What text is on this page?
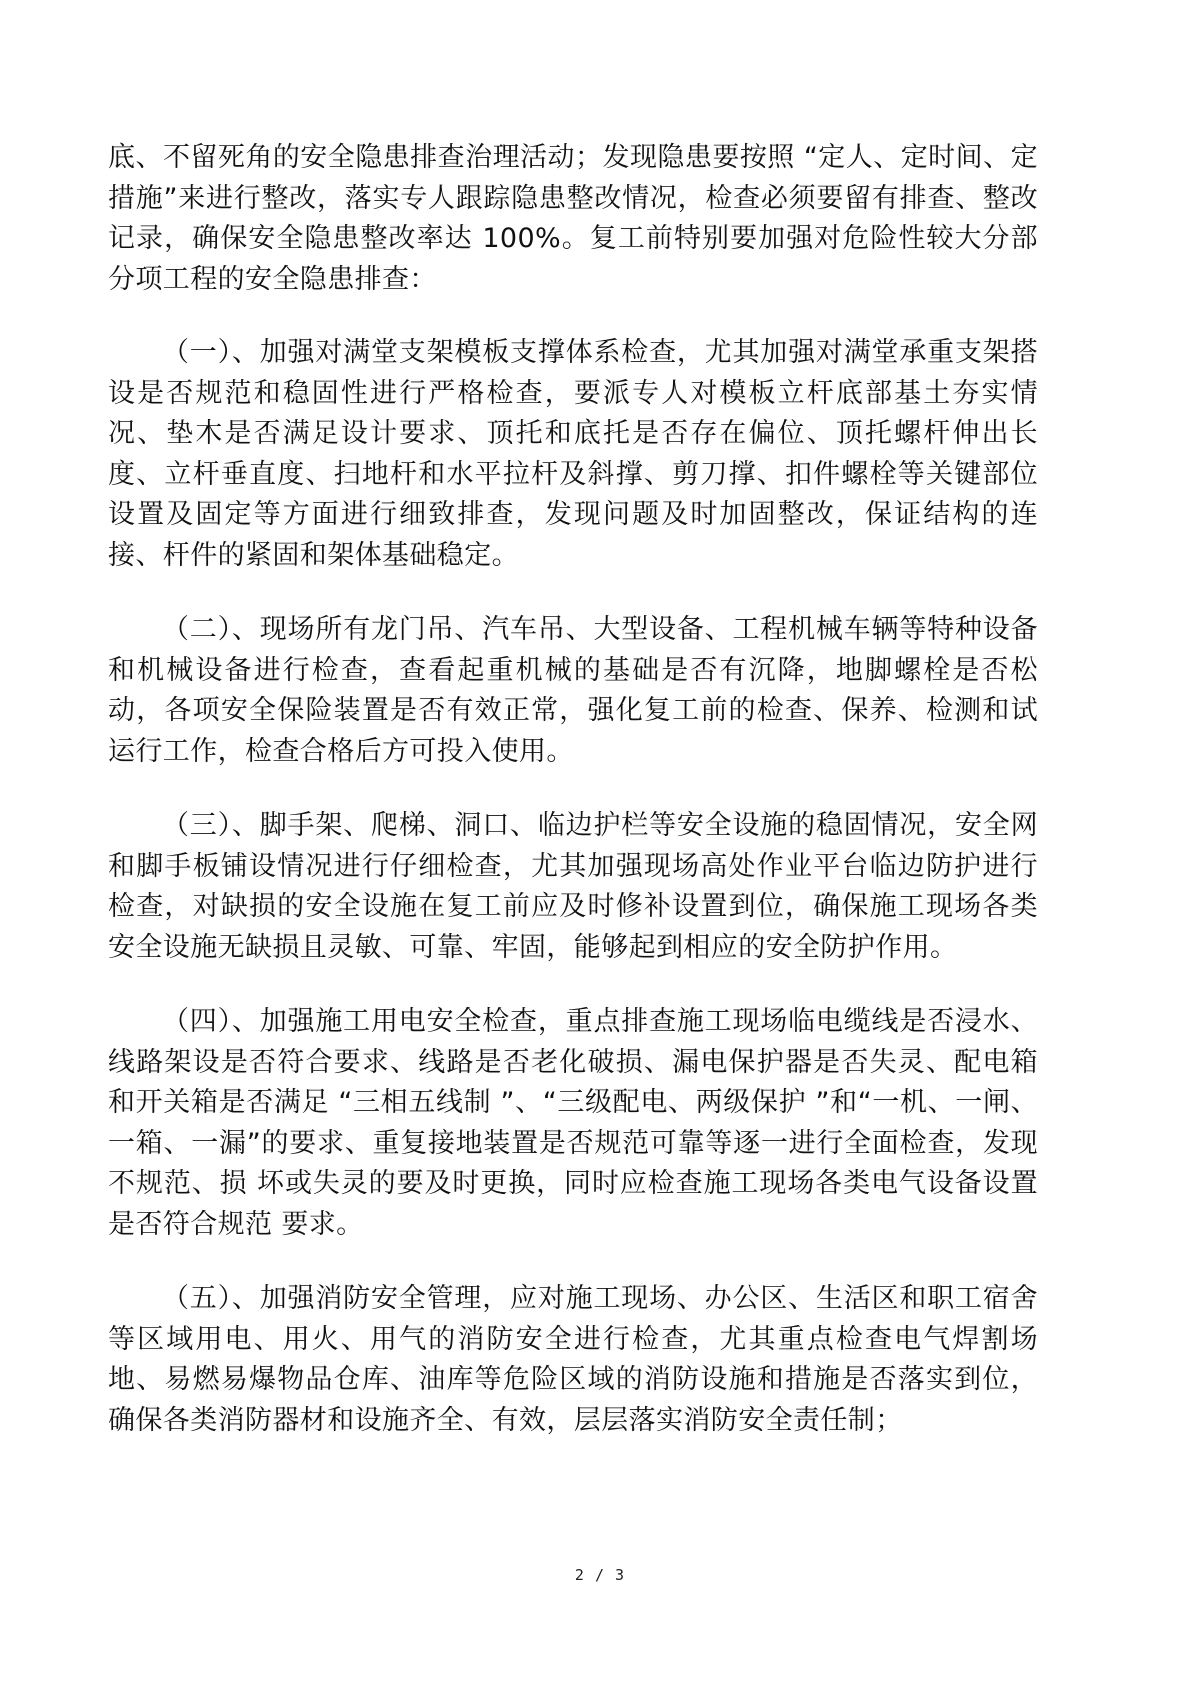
底、不留死角的安全隐患排查治理活动；发现隐患要按照 “定人、定时间、定措施”来进行整改，落实专人跟踪隐患整改情况，检查必须要留有排查、整改记录，确保安全隐患整改率达 100%。复工前特别要加强对危险性较大分部分项工程的安全隐患排查：

（一）、加强对满堂支架模板支撑体系检查，尤其加强对满堂承重支架搭设是否规范和稳固性进行严格检查，要派专人对模板立杆底部基土夯实情况、垫木是否满足设计要求、顶托和底托是否存在偏位、顶托螺杆伸出长度、立杆垂直度、扫地杆和水平拉杆及斜撑、剪刀撑、扣件螺栓等关键部位设置及固定等方面进行细致排查，发现问题及时加固整改，保证结构的连接、杆件的紧固和架体基础稳定。

（二）、现场所有龙门吊、汽车吊、大型设备、工程机械车辆等特种设备和机械设备进行检查，查看起重机械的基础是否有沉降，地脚螺栓是否松动，各项安全保险装置是否有效正常，强化复工前的检查、保养、检测和试运行工作，检查合格后方可投入使用。

（三）、脚手架、爬梯、洞口、临边护栏等安全设施的稳固情况，安全网和脚手板铺设情况进行仔细检查，尤其加强现场高处作业平台临边防护进行检查，对缺损的安全设施在复工前应及时修补设置到位，确保施工现场各类安全设施无缺损且灵敏、可靠、牢固，能够起到相应的安全防护作用。

（四）、加强施工用电安全检查，重点排查施工现场临电缆线是否浸水、线路架设是否符合要求、线路是否老化破损、漏电保护器是否失灵、配电箱和开关箱是否满足 “三相五线制 ”、“三级配电、两级保护 ”和“一机、一闸、一箱、一漏”的要求、重复接地装置是否规范可靠等逐一进行全面检查，发现不规范、损 坏或失灵的要及时更换，同时应检查施工现场各类电气设备设置是否符合规范 要求。

（五）、加强消防安全管理，应对施工现场、办公区、生活区和职工宿舍等区域用电、用火、用气的消防安全进行检查，尤其重点检查电气焊割场地、易燃易爆物品仓库、油库等危险区域的消防设施和措施是否落实到位，确保各类消防器材和设施齐全、有效，层层落实消防安全责任制；

2 / 3
